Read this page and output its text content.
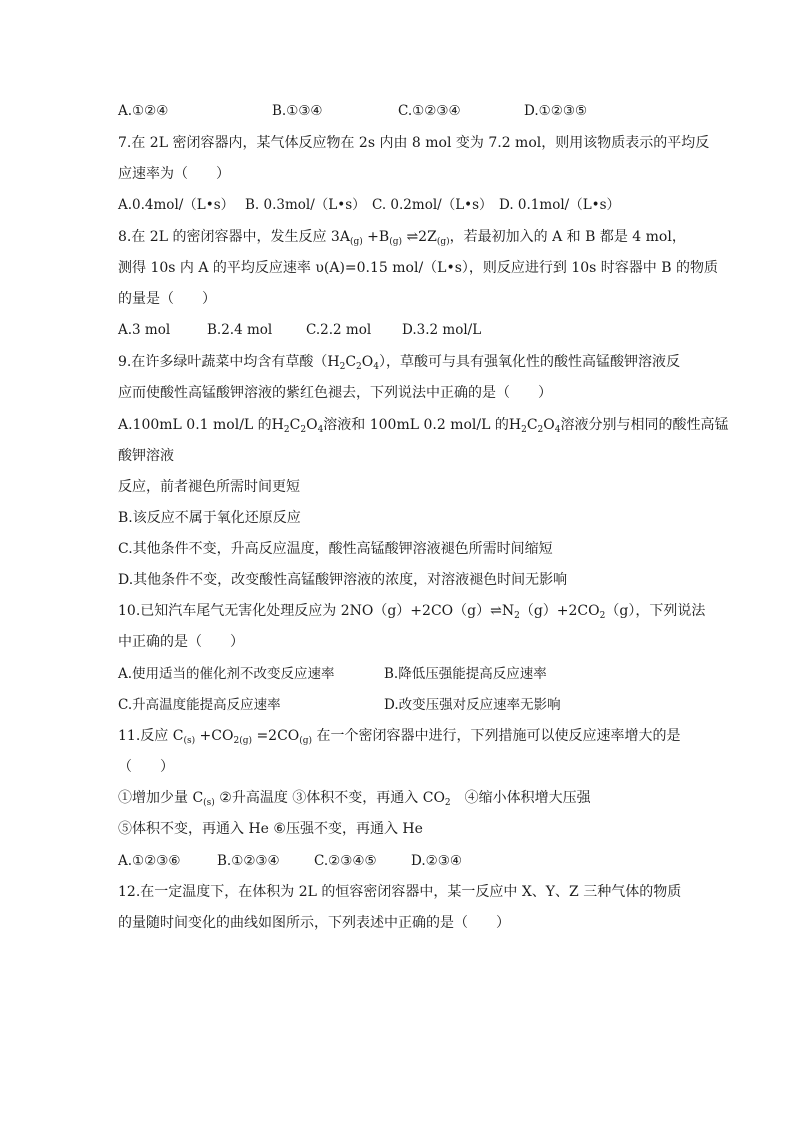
A.①②④	B.①③④	C.①②③④	D.①②③⑤
7.在 2L 密闭容器内，某气体反应物在 2s 内由 8 mol 变为 7.2 mol，则用该物质表示的平均反
应速率为（　　）
A.0.4mol/（L•s） B. 0.3mol/（L•s） C. 0.2mol/（L•s） D. 0.1mol/（L•s）
8.在 2L 的密闭容器中，发生反应 $3A_{(g)} +B_{(g)}$ $\rightleftharpoons 2Z_{(g)}$，若最初加入的 A 和 B 都是 4 mol，
测得 10s 内 A 的平均反应速率 υ(A)=0.15 mol/（L•s），则反应进行到 10s 时容器中 B 的物质
的量是（　　）
A.3 mol	B.2.4 mol	C.2.2 mol D.3.2 mol/L
9.在许多绿叶蔬菜中均含有草酸$(H_2C_2O_4)$，草酸可与具有强氧化性的酸性高锰酸钾溶液反
应而使酸性高锰酸钾溶液的紫红色褪去，下列说法中正确的是（　　）
A.100mL 0.1 mol/L 的$H_2C_2O_4$溶液和 100mL 0.2 mol/L 的$H_2C_2O_4$溶液分别与相同的酸性高锰
酸钾溶液
反应，前者褪色所需时间更短
B.该反应不属于氧化还原反应
C.其他条件不变，升高反应温度，酸性高锰酸钾溶液褪色所需时间缩短
D.其他条件不变，改变酸性高锰酸钾溶液的浓度，对溶液褪色时间无影响
10.已知汽车尾气无害化处理反应为 $2NO(g)+2CO(g)\rightleftharpoons N_2(g)+2CO_2(g)$，下列说法
中正确的是（　　）
A.使用适当的催化剂不改变反应速率	B.降低压强能提高反应速率
C.升高温度能提高反应速率	D.改变压强对反应速率无影响
11.反应 $C_{(s)} +CO_{2(g)} =2CO_{(g)}$ 在一个密闭容器中进行，下列措施可以使反应速率增大的是
（　　）
①增加少量 $C_{(s)}$ ②升高温度 ③体积不变，再通入 $CO_2$　④缩小体积增大压强
⑤体积不变，再通入 He ⑥压强不变，再通入 He
A.①②③⑥	B.①②③④	C.②③④⑤	D.②③④
12.在一定温度下，在体积为 2L 的恒容密闭容器中，某一反应中 X、Y、Z 三种气体的物质
的量随时间变化的曲线如图所示，下列表述中正确的是（　　）
